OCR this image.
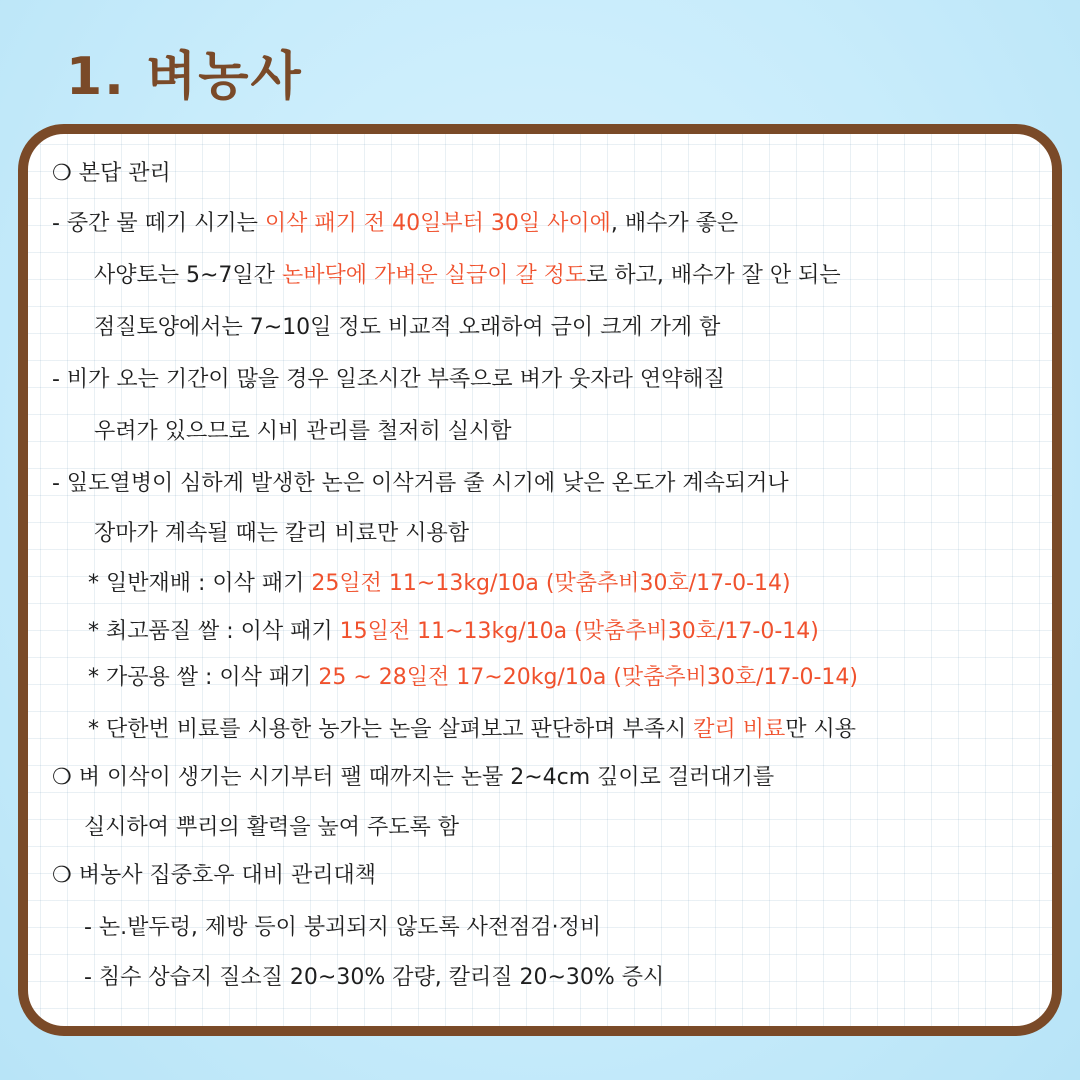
1. 벼농사
❍ 본답 관리
- 중간 물 떼기 시기는 이삭 패기 전 40일부터 30일 사이에, 배수가 좋은
사양토는 5~7일간 논바닥에 가벼운 실금이 갈 정도로 하고, 배수가 잘 안 되는
점질토양에서는 7~10일 정도 비교적 오래하여 금이 크게 가게 함
- 비가 오는 기간이 많을 경우 일조시간 부족으로 벼가 웃자라 연약해질
우려가 있으므로 시비 관리를 철저히 실시함
- 잎도열병이 심하게 발생한 논은 이삭거름 줄 시기에 낮은 온도가 계속되거나
장마가 계속될 때는 칼리 비료만 시용함
* 일반재배 : 이삭 패기 25일전 11~13kg/10a (맞춤추비30호/17-0-14)
* 최고품질 쌀 : 이삭 패기 15일전 11~13kg/10a (맞춤추비30호/17-0-14)
* 가공용 쌀 : 이삭 패기 25 ~ 28일전 17~20kg/10a (맞춤추비30호/17-0-14)
* 단한번 비료를 시용한 농가는 논을 살펴보고 판단하며 부족시 칼리 비료만 시용
❍ 벼 이삭이 생기는 시기부터 팰 때까지는 논물 2~4cm 깊이로 걸러대기를
실시하여 뿌리의 활력을 높여 주도록 함
❍ 벼농사 집중호우 대비 관리대책
- 논.밭두렁, 제방 등이 붕괴되지 않도록 사전점검·정비
- 침수 상습지 질소질 20~30% 감량, 칼리질 20~30% 증시
